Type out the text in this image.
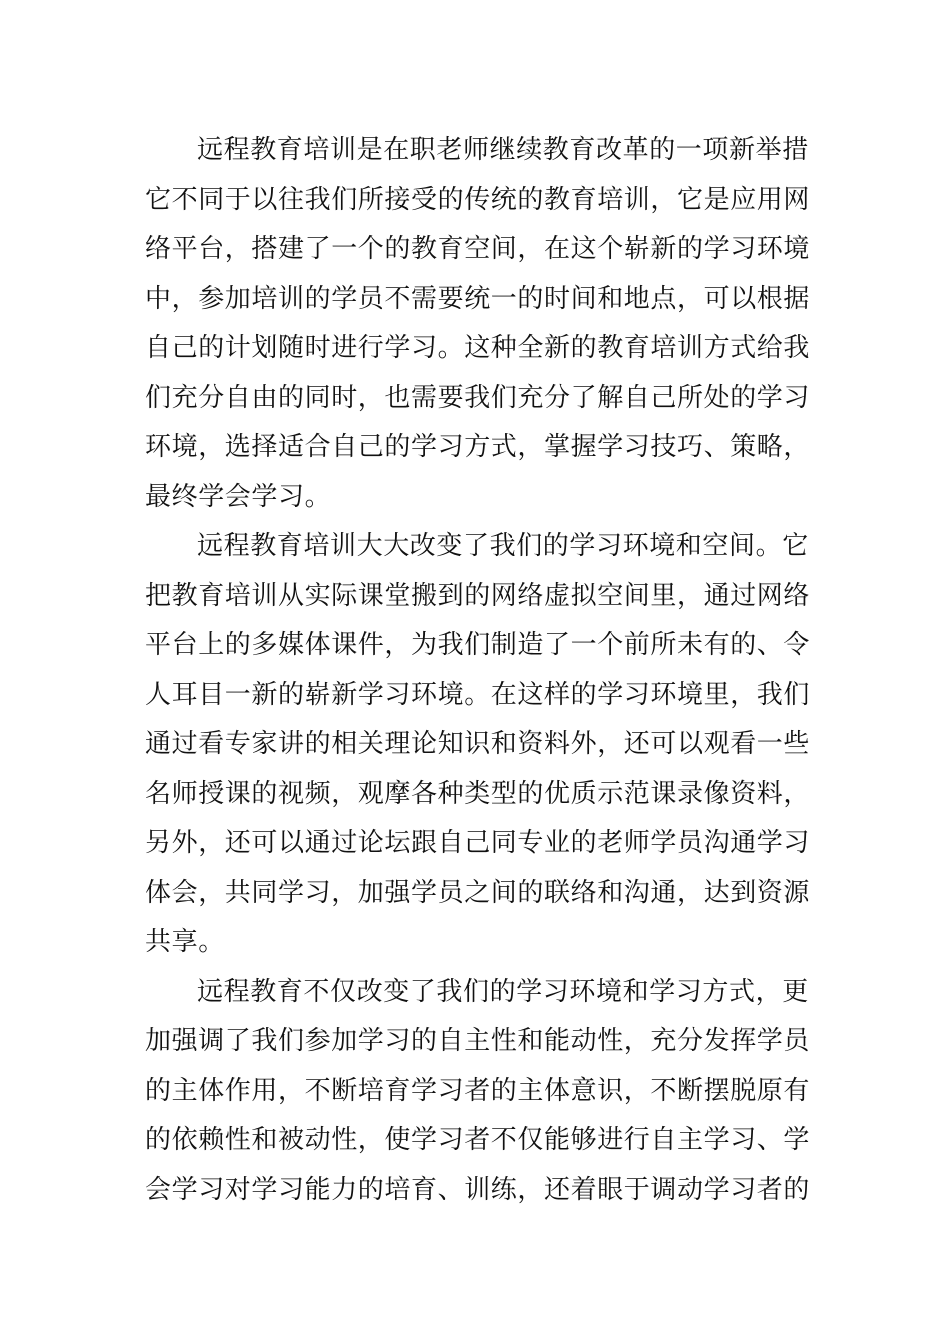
远程教育培训是在职老师继续教育改革的一项新举措
它不同于以往我们所接受的传统的教育培训，它是应用网
络平台，搭建了一个的教育空间，在这个崭新的学习环境
中，参加培训的学员不需要统一的时间和地点，可以根据
自己的计划随时进行学习。这种全新的教育培训方式给我
们充分自由的同时，也需要我们充分了解自己所处的学习
环境，选择适合自己的学习方式，掌握学习技巧、策略，
最终学会学习。
远程教育培训大大改变了我们的学习环境和空间。它
把教育培训从实际课堂搬到的网络虚拟空间里，通过网络
平台上的多媒体课件，为我们制造了一个前所未有的、令
人耳目一新的崭新学习环境。在这样的学习环境里，我们
通过看专家讲的相关理论知识和资料外，还可以观看一些
名师授课的视频，观摩各种类型的优质示范课录像资料，
另外，还可以通过论坛跟自己同专业的老师学员沟通学习
体会，共同学习，加强学员之间的联络和沟通，达到资源
共享。
远程教育不仅改变了我们的学习环境和学习方式，更
加强调了我们参加学习的自主性和能动性，充分发挥学员
的主体作用，不断培育学习者的主体意识，不断摆脱原有
的依赖性和被动性，使学习者不仅能够进行自主学习、学
会学习对学习能力的培育、训练，还着眼于调动学习者的
